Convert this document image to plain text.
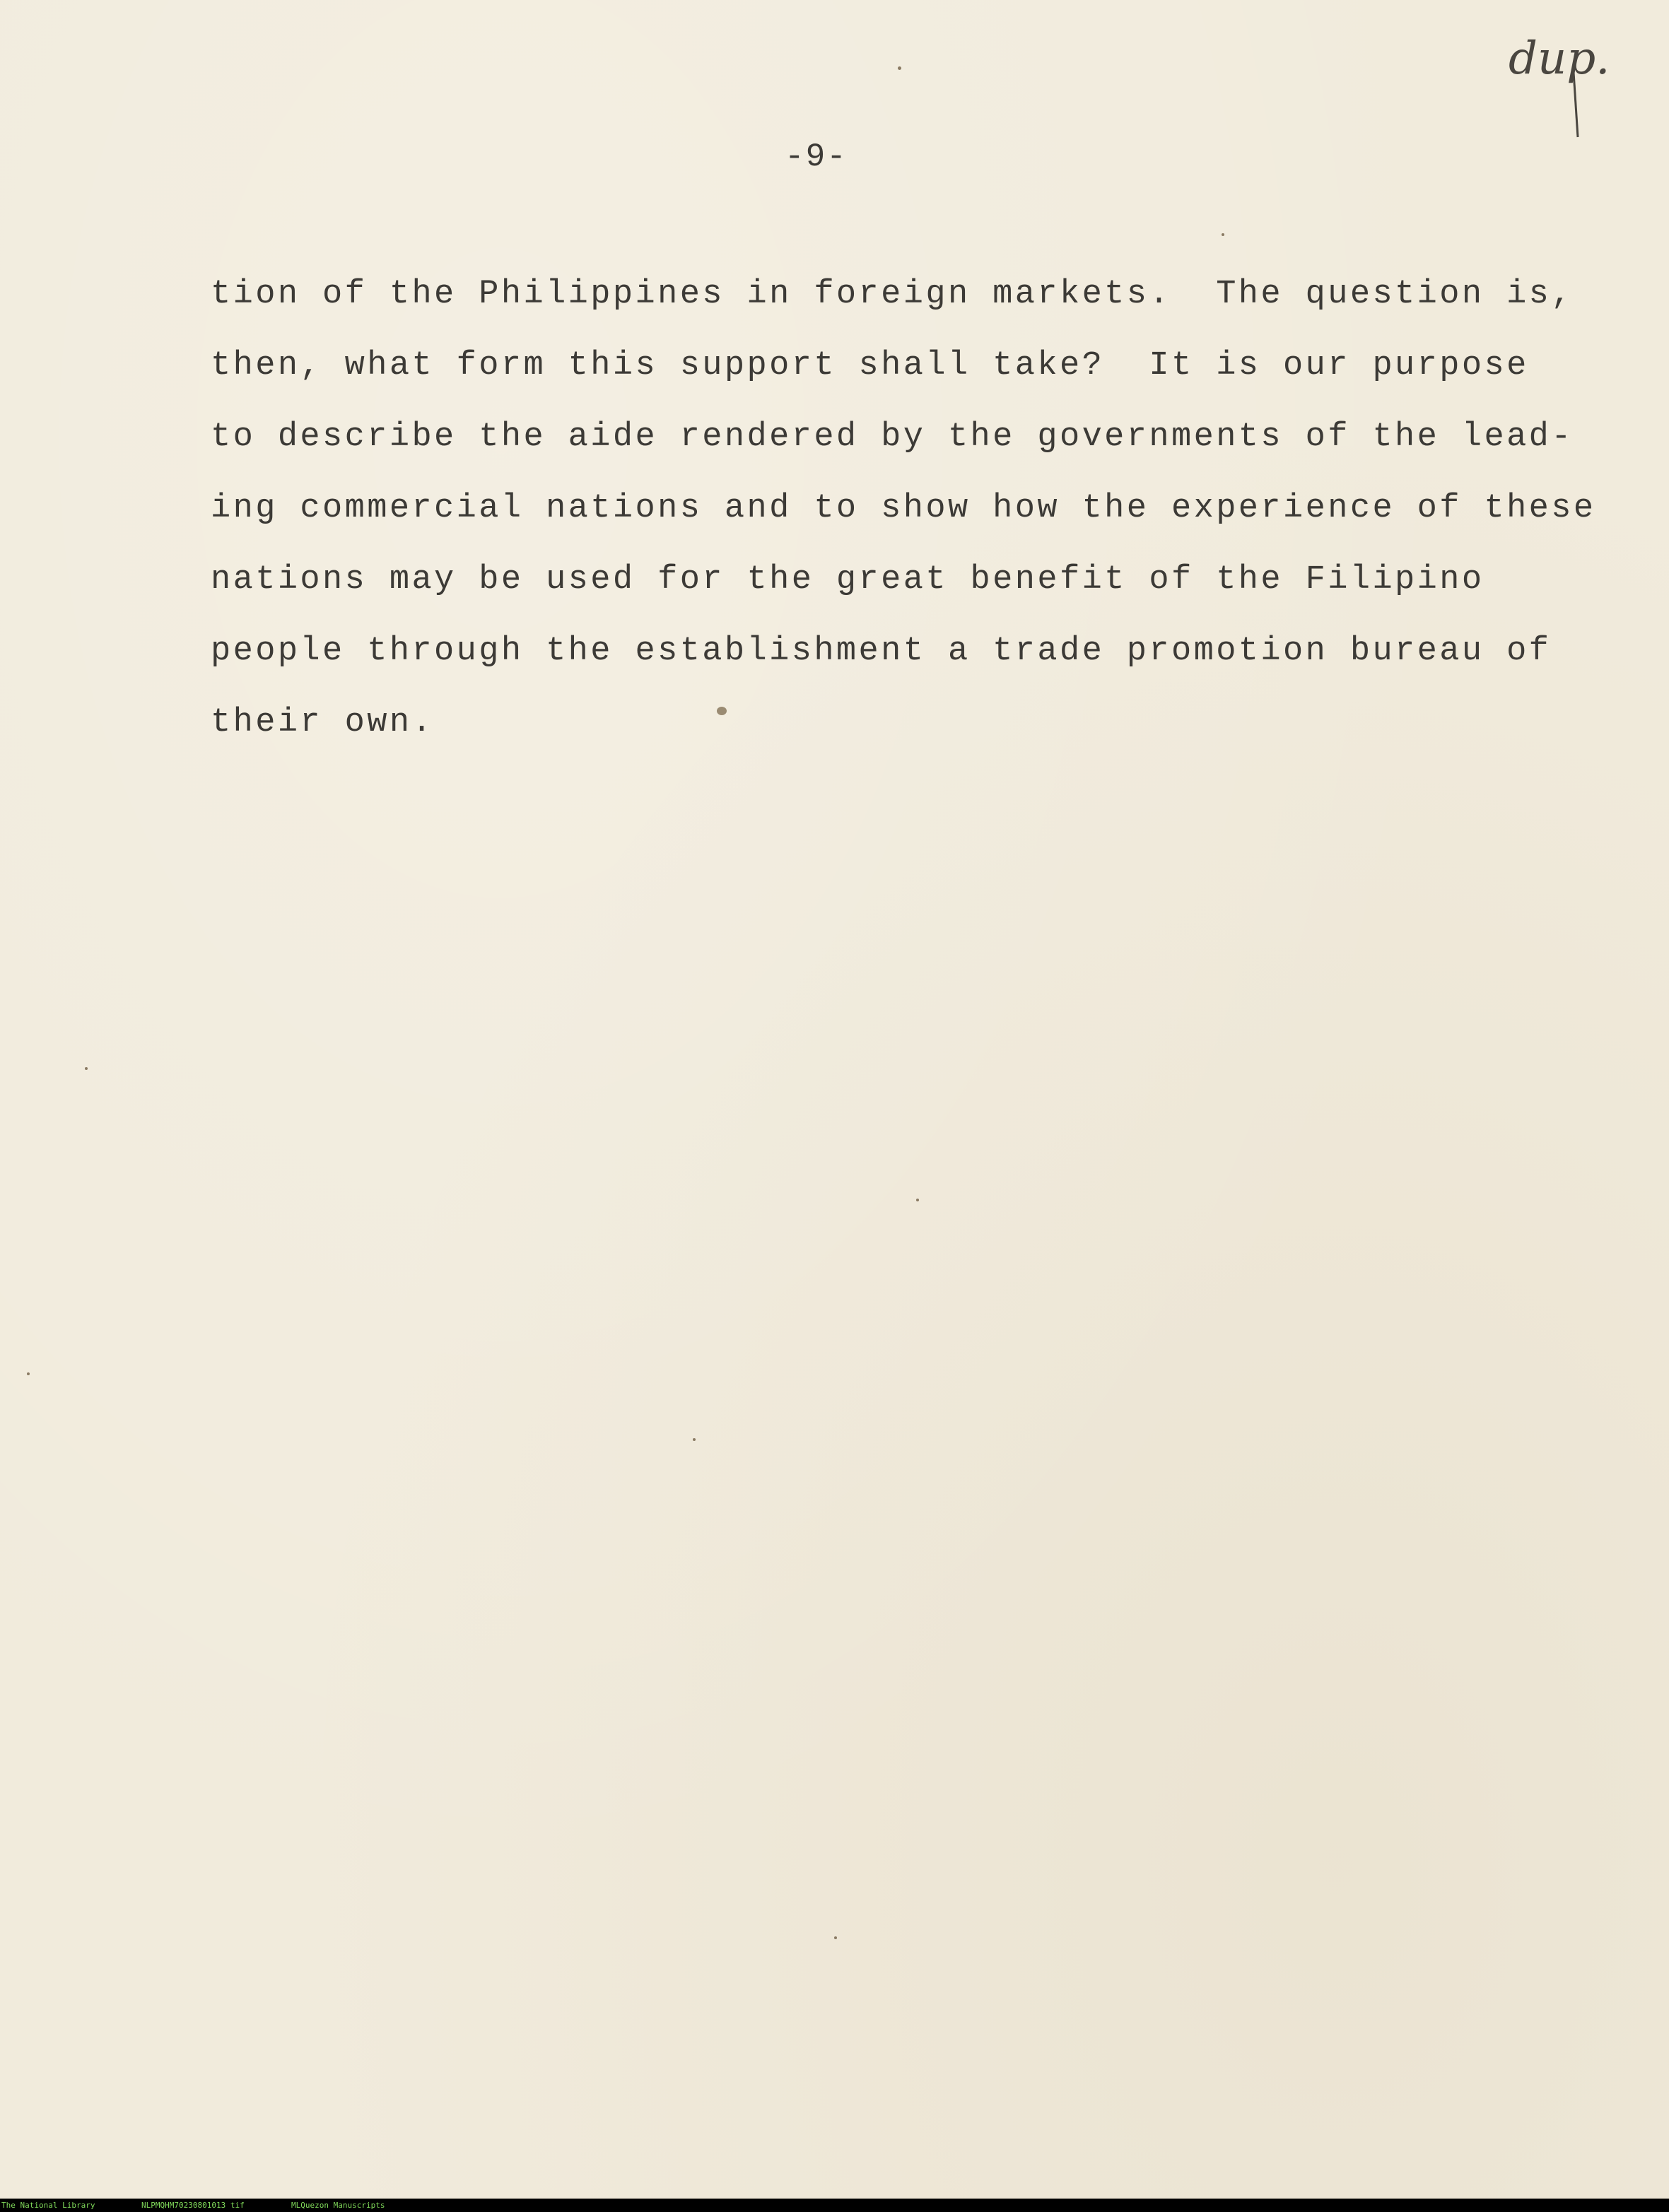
-9-
dup.
tion of the Philippines in foreign markets.  The question is,
then, what form this support shall take?  It is our purpose
to describe the aide rendered by the governments of the lead-
ing commercial nations and to show how the experience of these
nations may be used for the great benefit of the Filipino
people through the establishment a trade promotion bureau of
their own.
The National Library	NLPMQHM70230801013 tif	MLQuezon Manuscripts
